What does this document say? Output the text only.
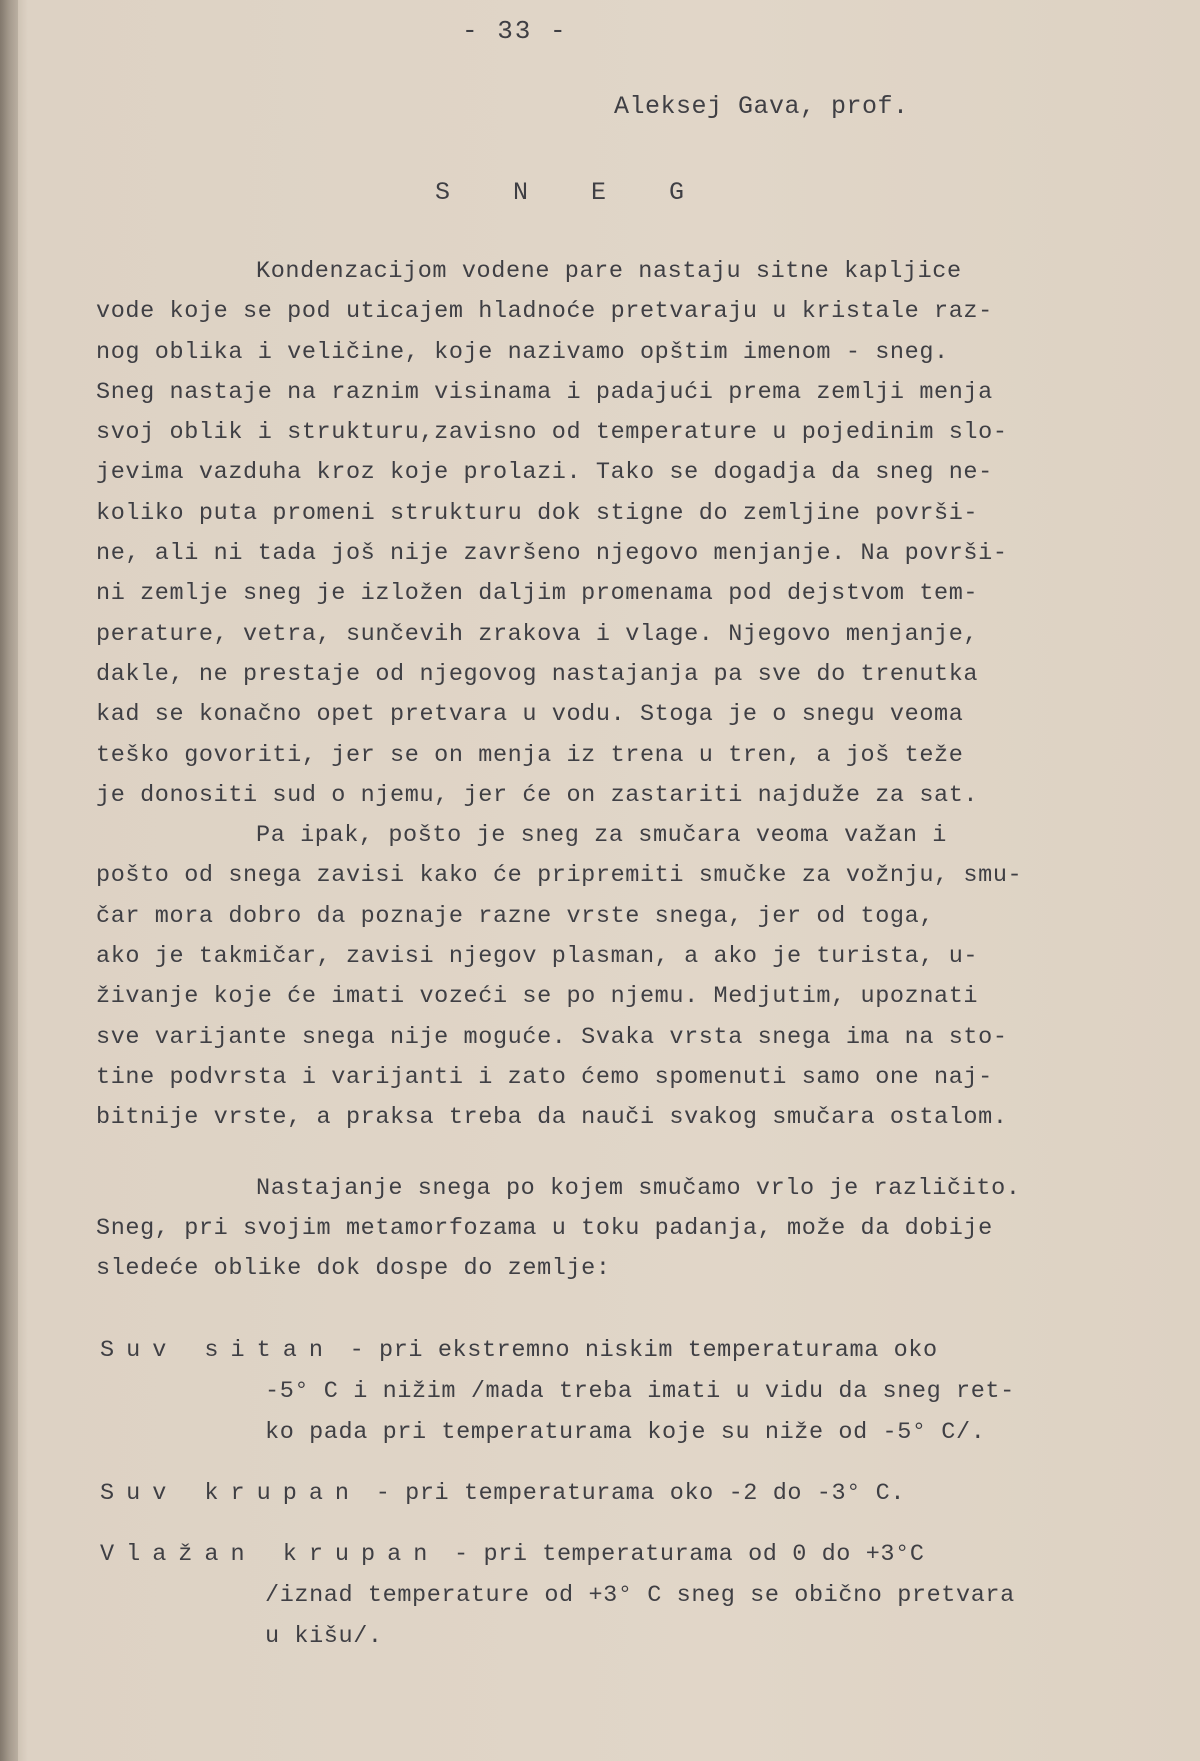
- 33 -
Aleksej Gava, prof.
S N E G
Kondenzacijom vodene pare nastaju sitne kapljice
vode koje se pod uticajem hladnoće pretvaraju u kristale raz-
nog oblika i veličine, koje nazivamo opštim imenom - sneg.
Sneg nastaje na raznim visinama i padajući prema zemlji menja
svoj oblik i strukturu,zavisno od temperature u pojedinim slo-
jevima vazduha kroz koje prolazi. Tako se dogadja da sneg ne-
koliko puta promeni strukturu dok stigne do zemljine površi-
ne, ali ni tada još nije završeno njegovo menjanje. Na površi-
ni zemlje sneg je izložen daljim promenama pod dejstvom tem-
perature, vetra, sunčevih zrakova i vlage. Njegovo menjanje,
dakle, ne prestaje od njegovog nastajanja pa sve do trenutka
kad se konačno opet pretvara u vodu. Stoga je o snegu veoma
teško govoriti, jer se on menja iz trena u tren, a još teže
je donositi sud o njemu, jer će on zastariti najduže za sat.
Pa ipak, pošto je sneg za smučara veoma važan i
pošto od snega zavisi kako će pripremiti smučke za vožnju, smu-
čar mora dobro da poznaje razne vrste snega, jer od toga,
ako je takmičar, zavisi njegov plasman, a ako je turista, u-
živanje koje će imati vozeći se po njemu. Medjutim, upoznati
sve varijante snega nije moguće. Svaka vrsta snega ima na sto-
tine podvrsta i varijanti i zato ćemo spomenuti samo one naj-
bitnije vrste, a praksa treba da nauči svakog smučara ostalom.
Nastajanje snega po kojem smučamo vrlo je različito.
Sneg, pri svojim metamorfozama u toku padanja, može da dobije
sledeće oblike dok dospe do zemlje:
Suv sitan - pri ekstremno niskim temperaturama oko
-5° C i nižim /mada treba imati u vidu da sneg ret-
ko pada pri temperaturama koje su niže od -5° C/.
Suv krupan - pri temperaturama oko -2 do -3° C.
Vlažan krupan - pri temperaturama od 0 do +3°C
/iznad temperature od +3° C sneg se obično pretvara
u kišu/.
